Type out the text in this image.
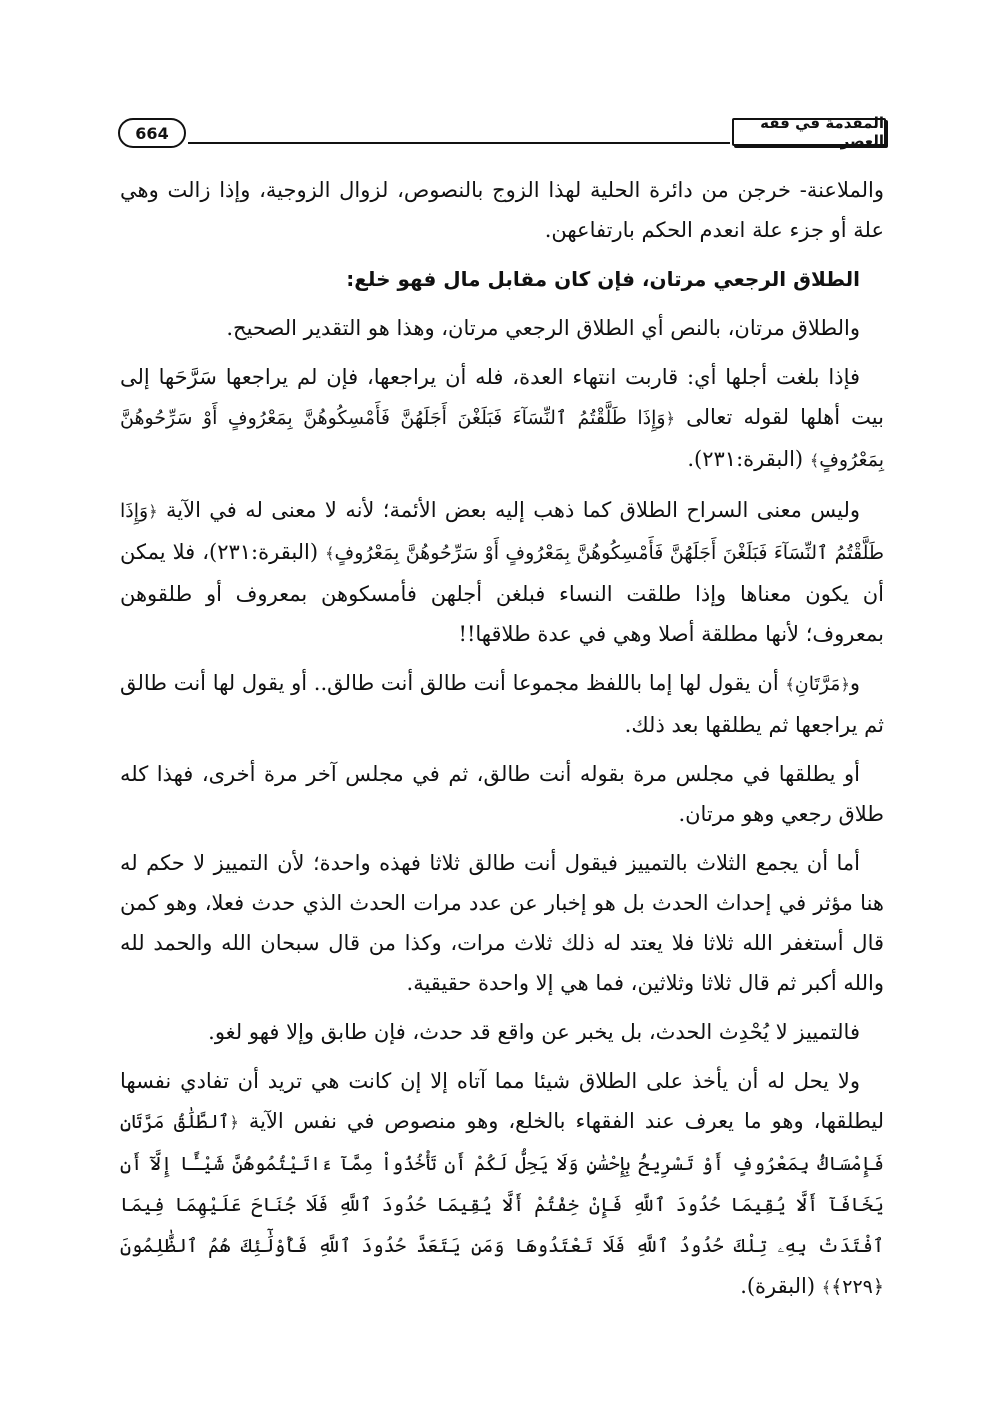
المقدمة في فقه العصر
664

والملاعنة- خرجن من دائرة الحلية لهذا الزوج بالنصوص، لزوال الزوجية، وإذا زالت وهي علة أو جزء علة انعدم الحكم بارتفاعهن.

الطلاق الرجعي مرتان، فإن كان مقابل مال فهو خلع:

والطلاق مرتان، بالنص أي الطلاق الرجعي مرتان، وهذا هو التقدير الصحيح.

فإذا بلغت أجلها أي: قاربت انتهاء العدة، فله أن يراجعها، فإن لم يراجعها سَرَّحَها إلى بيت أهلها لقوله تعالى ﴿وَإِذَا طَلَّقْتُمُ ٱلنِّسَآءَ فَبَلَغْنَ أَجَلَهُنَّ فَأَمْسِكُوهُنَّ بِمَعْرُوفٍ أَوْ سَرِّحُوهُنَّ بِمَعْرُوفٍ﴾ (البقرة:٢٣١).

وليس معنى السراح الطلاق كما ذهب إليه بعض الأئمة؛ لأنه لا معنى له في الآية ﴿وَإِذَا طَلَّقْتُمُ ٱلنِّسَآءَ فَبَلَغْنَ أَجَلَهُنَّ فَأَمْسِكُوهُنَّ بِمَعْرُوفٍ أَوْ سَرِّحُوهُنَّ بِمَعْرُوفٍ﴾ (البقرة:٢٣١)، فلا يمكن أن يكون معناها وإذا طلقت النساء فبلغن أجلهن فأمسكوهن بمعروف أو طلقوهن بمعروف؛ لأنها مطلقة أصلا وهي في عدة طلاقها!!

و﴿مَرَّتَانِ﴾ أن يقول لها إما باللفظ مجموعا أنت طالق أنت طالق.. أو يقول لها أنت طالق ثم يراجعها ثم يطلقها بعد ذلك.

أو يطلقها في مجلس مرة بقوله أنت طالق، ثم في مجلس آخر مرة أخرى، فهذا كله طلاق رجعي وهو مرتان.

أما أن يجمع الثلاث بالتمييز فيقول أنت طالق ثلاثا فهذه واحدة؛ لأن التمييز لا حكم له هنا مؤثر في إحداث الحدث بل هو إخبار عن عدد مرات الحدث الذي حدث فعلا، وهو كمن قال أستغفر الله ثلاثا فلا يعتد له ذلك ثلاث مرات، وكذا من قال سبحان الله والحمد لله والله أكبر ثم قال ثلاثا وثلاثين، فما هي إلا واحدة حقيقية.

فالتمييز لا يُحْدِث الحدث، بل يخبر عن واقع قد حدث، فإن طابق وإلا فهو لغو.

ولا يحل له أن يأخذ على الطلاق شيئا مما آتاه إلا إن كانت هي تريد أن تفادي نفسها ليطلقها، وهو ما يعرف عند الفقهاء بالخلع، وهو منصوص في نفس الآية ﴿ٱلطَّلَٰقُ مَرَّتَانِ فَإِمْسَاكُۢ بِمَعْرُوفٍ أَوْ تَسْرِيحُۢ بِإِحْسَٰنٍ وَلَا يَحِلُّ لَكُمْ أَن تَأْخُذُواْ مِمَّآ ءَاتَيْتُمُوهُنَّ شَيْـًٔا إِلَّآ أَن يَخَافَآ أَلَّا يُقِيمَا حُدُودَ ٱللَّهِ فَإِنْ خِفْتُمْ أَلَّا يُقِيمَا حُدُودَ ٱللَّهِ فَلَا جُنَاحَ عَلَيْهِمَا فِيمَا ٱفْتَدَتْ بِهِۦ تِلْكَ حُدُودُ ٱللَّهِ فَلَا تَعْتَدُوهَا وَمَن يَتَعَدَّ حُدُودَ ٱللَّهِ فَأُوْلَٰٓئِكَ هُمُ ٱلظَّٰلِمُونَ ﴿٢٢٩﴾﴾ (البقرة).
